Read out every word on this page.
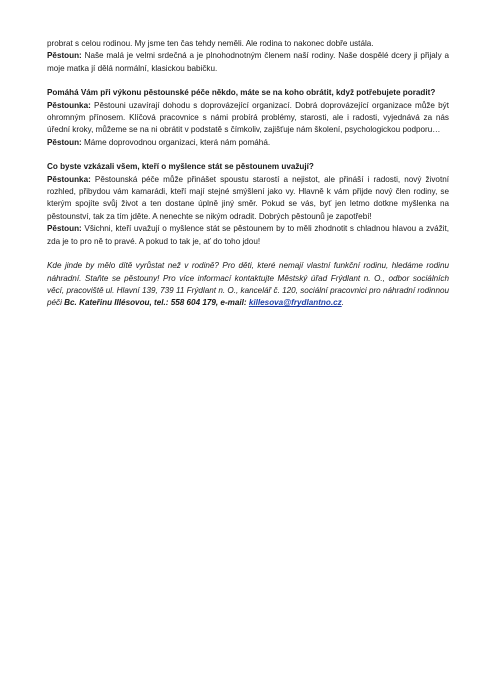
probrat s celou rodinou. My jsme ten čas tehdy neměli. Ale rodina to nakonec dobře ustála.
Pěstoun: Naše malá je velmi srdečná a je plnohodnotným členem naší rodiny. Naše dospělé dcery ji přijaly a moje matka jí dělá normální, klasickou babičku.

Pomáhá Vám při výkonu pěstounské péče někdo, máte se na koho obrátit, když potřebujete poradit?
Pěstounka: Pěstouni uzavírají dohodu s doprovázející organizací. Dobrá doprovázející organizace může být ohromným přínosem. Klíčová pracovnice s námi probírá problémy, starosti, ale i radosti, vyjednává za nás úřední kroky, můžeme se na ni obrátit v podstatě s čímkoliv, zajišťuje nám školení, psychologickou podporu…
Pěstoun: Máme doprovodnou organizaci, která nám pomáhá.

Co byste vzkázali všem, kteří o myšlence stát se pěstounem uvažují?
Pěstounka: Pěstounská péče může přinášet spoustu starostí a nejistot, ale přináší i radosti, nový životní rozhled, přibydou vám kamarádi, kteří mají stejné smýšlení jako vy. Hlavně k vám přijde nový člen rodiny, se kterým spojíte svůj život a ten dostane úplně jiný směr. Pokud se vás, byť jen letmo dotkne myšlenka na pěstounství, tak za tím jděte. A nenechte se nikým odradit. Dobrých pěstounů je zapotřebí!
Pěstoun: Všichni, kteří uvažují o myšlence stát se pěstounem by to měli zhodnotit s chladnou hlavou a zvážit, zda je to pro ně to pravé. A pokud to tak je, ať do toho jdou!

Kde jinde by mělo dítě vyrůstat než v rodině? Pro děti, které nemají vlastní funkční rodinu, hledáme rodinu náhradní. Staňte se pěstouny! Pro více informací kontaktujte Městský úřad Frýdlant n. O., odbor sociálních věcí, pracoviště ul. Hlavní 139, 739 11 Frýdlant n. O., kancelář č. 120, sociální pracovnici pro náhradní rodinnou péči Bc. Kateřinu Illésovou, tel.: 558 604 179, e-mail: killesova@frydlantno.cz.
